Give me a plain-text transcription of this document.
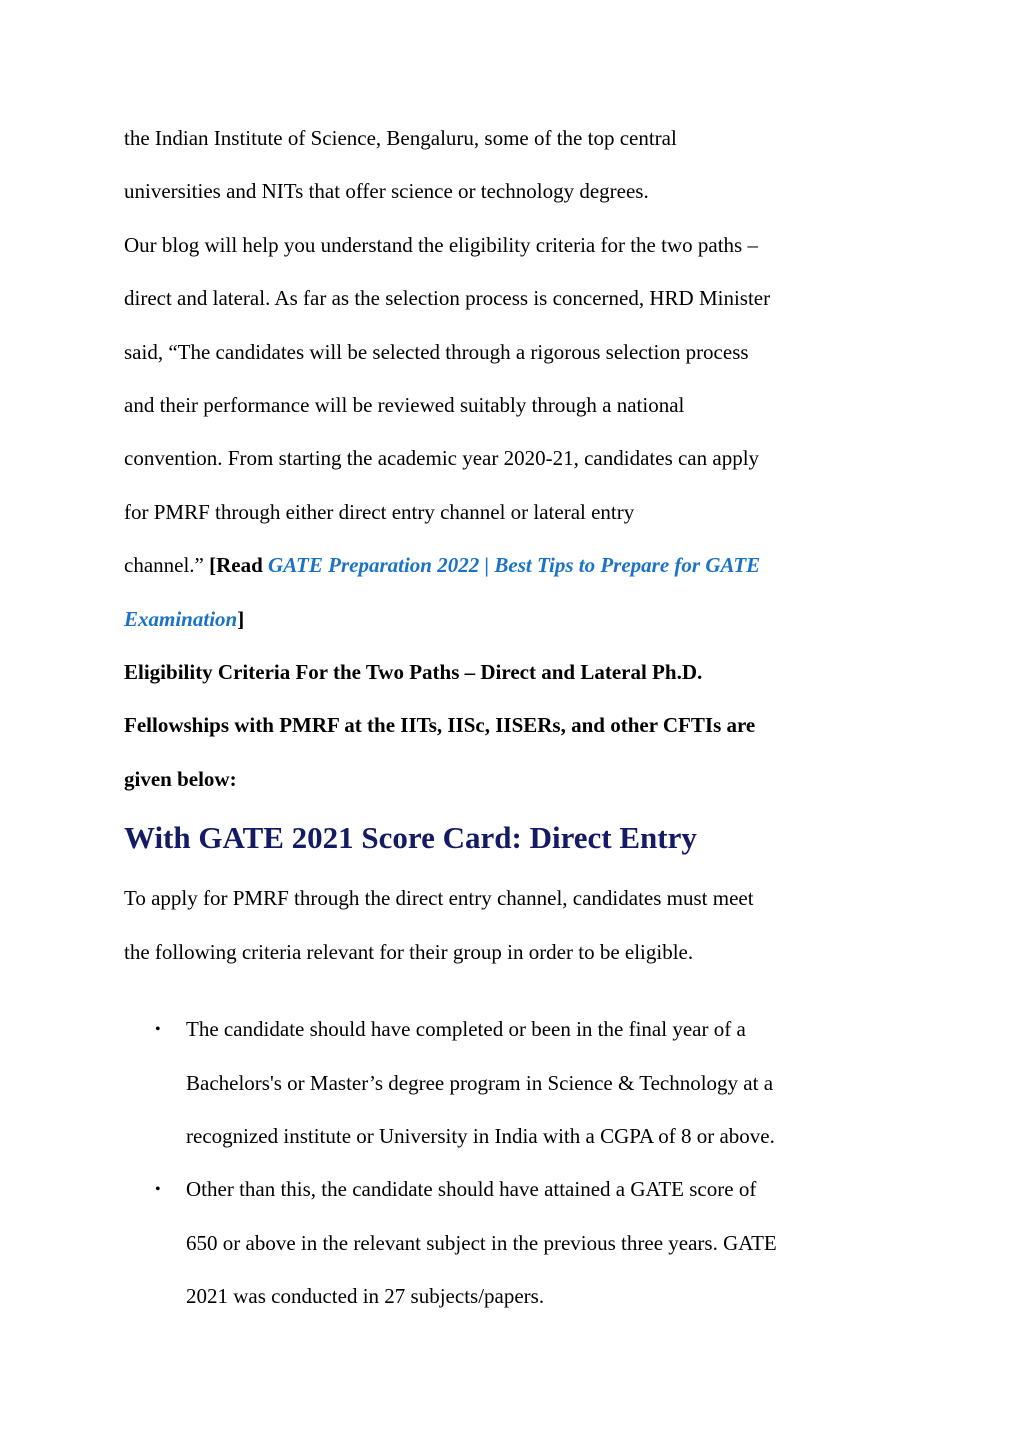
the Indian Institute of Science, Bengaluru, some of the top central
universities and NITs that offer science or technology degrees.

Our blog will help you understand the eligibility criteria for the two paths –
direct and lateral. As far as the selection process is concerned, HRD Minister
said, “The candidates will be selected through a rigorous selection process
and their performance will be reviewed suitably through a national
convention. From starting the academic year 2020-21, candidates can apply
for PMRF through either direct entry channel or lateral entry
channel.” [Read GATE Preparation 2022 | Best Tips to Prepare for GATE
Examination]

Eligibility Criteria For the Two Paths – Direct and Lateral Ph.D.
Fellowships with PMRF at the IITs, IISc, IISERs, and other CFTIs are
given below:

With GATE 2021 Score Card: Direct Entry

To apply for PMRF through the direct entry channel, candidates must meet
the following criteria relevant for their group in order to be eligible.

• The candidate should have completed or been in the final year of a
Bachelors's or Master’s degree program in Science & Technology at a
recognized institute or University in India with a CGPA of 8 or above.
• Other than this, the candidate should have attained a GATE score of
650 or above in the relevant subject in the previous three years. GATE
2021 was conducted in 27 subjects/papers.
